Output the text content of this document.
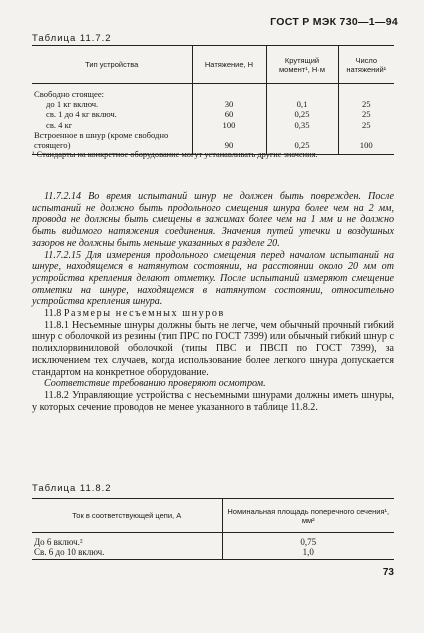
ГОСТ Р МЭК 730—1—94
Таблица 11.7.2
Тип устройства	Натяжение, Н	Крутящий момент¹, Н·м	Число натяжений¹
Свободно стоящее:			
до 1 кг включ.	30	0,1	25
св. 1 до 4 кг включ.	60	0,25	25
св. 4 кг	100	0,35	25
Встроенное в шнур (кроме свободно стоящего)	90	0,25	100
¹ Стандарты на конкретное оборудование могут устанавливать другие значения.

11.7.2.14 Во время испытаний шнур не должен быть поврежден. После испытаний не должно быть продольного смещения шнура более чем на 2 мм, провода не должны быть смещены в зажимах более чем на 1 мм и не должно быть видимого натяжения соединения. Значения путей утечки и воздушных зазоров не должны быть меньше указанных в разделе 20.

11.7.2.15 Для измерения продольного смещения перед началом испытаний на шнуре, находящемся в натянутом состоянии, на расстоянии около 20 мм от устройства крепления делают отметку. После испытаний измеряют смещение отметки на шнуре, находящемся в натянутом состоянии, относительно устройства крепления шнура.

11.8 Размеры несъемных шнуров

11.8.1 Несъемные шнуры должны быть не легче, чем обычный прочный гибкий шнур с оболочкой из резины (тип ПРС по ГОСТ 7399) или обычный гибкий шнур с полихлорвиниловой оболочкой (типы ПВС и ПВСП по ГОСТ 7399), за исключением тех случаев, когда использование более легкого шнура допускается стандартом на конкретное оборудование.

Соответствие требованию проверяют осмотром.

11.8.2 Управляющие устройства с несъемными шнурами должны иметь шнуры, у которых сечение проводов не менее указанного в таблице 11.8.2.

Таблица 11.8.2
Ток в соответствующей цепи, А	Номинальная площадь поперечного сечения¹, мм²
До 6 включ.²	0,75
Св. 6 до 10 включ.	1,0
73
